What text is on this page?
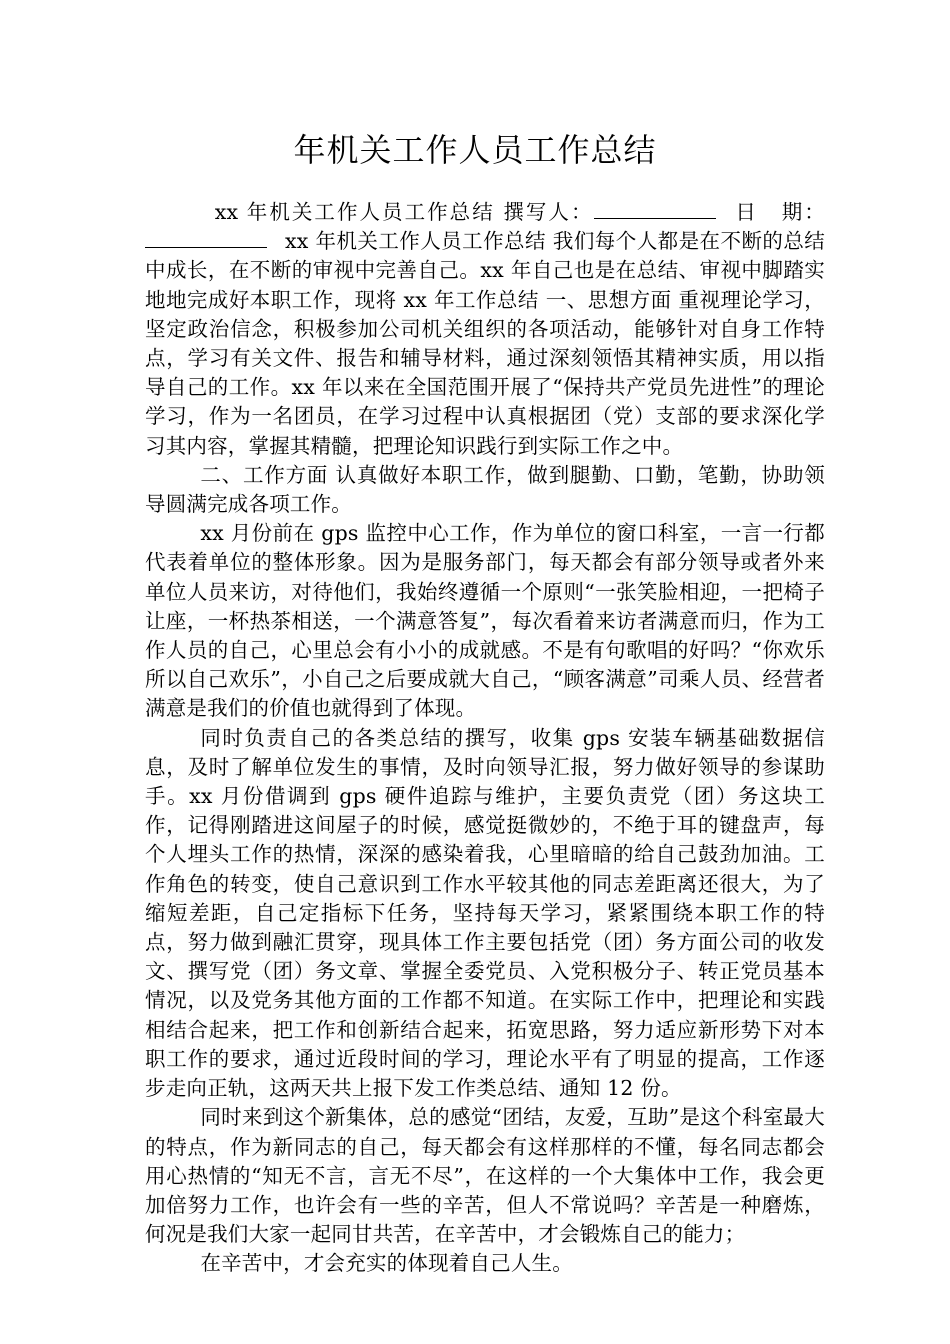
年机关工作人员工作总结

xx 年机关工作人员工作总结 撰写人：	日 期：xx 年机关工作人员工作总结 我们每个人都是在不断的总结中成长，在不断的审视中完善自己。xx 年自己也是在总结、审视中脚踏实地地完成好本职工作，现将 xx 年工作总结 一、思想方面 重视理论学习，坚定政治信念，积极参加公司机关组织的各项活动，能够针对自身工作特点，学习有关文件、报告和辅导材料，通过深刻领悟其精神实质，用以指导自己的工作。xx 年以来在全国范围开展了“保持共产党员先进性”的理论学习，作为一名团员，在学习过程中认真根据团（党）支部的要求深化学习其内容，掌握其精髓，把理论知识践行到实际工作之中。

二、工作方面 认真做好本职工作，做到腿勤、口勤，笔勤，协助领导圆满完成各项工作。

xx 月份前在 gps 监控中心工作，作为单位的窗口科室，一言一行都代表着单位的整体形象。因为是服务部门，每天都会有部分领导或者外来单位人员来访，对待他们，我始终遵循一个原则“一张笑脸相迎，一把椅子让座，一杯热茶相送，一个满意答复”，每次看着来访者满意而归，作为工作人员的自己，心里总会有小小的成就感。不是有句歌唱的好吗？“你欢乐所以自己欢乐”，小自己之后要成就大自己，“顾客满意”司乘人员、经营者满意是我们的价值也就得到了体现。

同时负责自己的各类总结的撰写，收集 gps 安装车辆基础数据信息，及时了解单位发生的事情，及时向领导汇报，努力做好领导的参谋助手。xx 月份借调到 gps 硬件追踪与维护，主要负责党（团）务这块工作，记得刚踏进这间屋子的时候，感觉挺微妙的，不绝于耳的键盘声，每个人埋头工作的热情，深深的感染着我，心里暗暗的给自己鼓劲加油。工作角色的转变，使自己意识到工作水平较其他的同志差距离还很大，为了缩短差距，自己定指标下任务，坚持每天学习，紧紧围绕本职工作的特点，努力做到融汇贯穿，现具体工作主要包括党（团）务方面公司的收发文、撰写党（团）务文章、掌握全委党员、入党积极分子、转正党员基本情况，以及党务其他方面的工作都不知道。在实际工作中，把理论和实践相结合起来，把工作和创新结合起来，拓宽思路，努力适应新形势下对本职工作的要求，通过近段时间的学习，理论水平有了明显的提高，工作逐步走向正轨，这两天共上报下发工作类总结、通知 12 份。

同时来到这个新集体，总的感觉“团结，友爱，互助”是这个科室最大的特点，作为新同志的自己，每天都会有这样那样的不懂，每名同志都会用心热情的“知无不言，言无不尽”，在这样的一个大集体中工作，我会更加倍努力工作，也许会有一些的辛苦，但人不常说吗？辛苦是一种磨炼，何况是我们大家一起同甘共苦，在辛苦中，才会锻炼自己的能力；

在辛苦中，才会充实的体现着自己人生。
